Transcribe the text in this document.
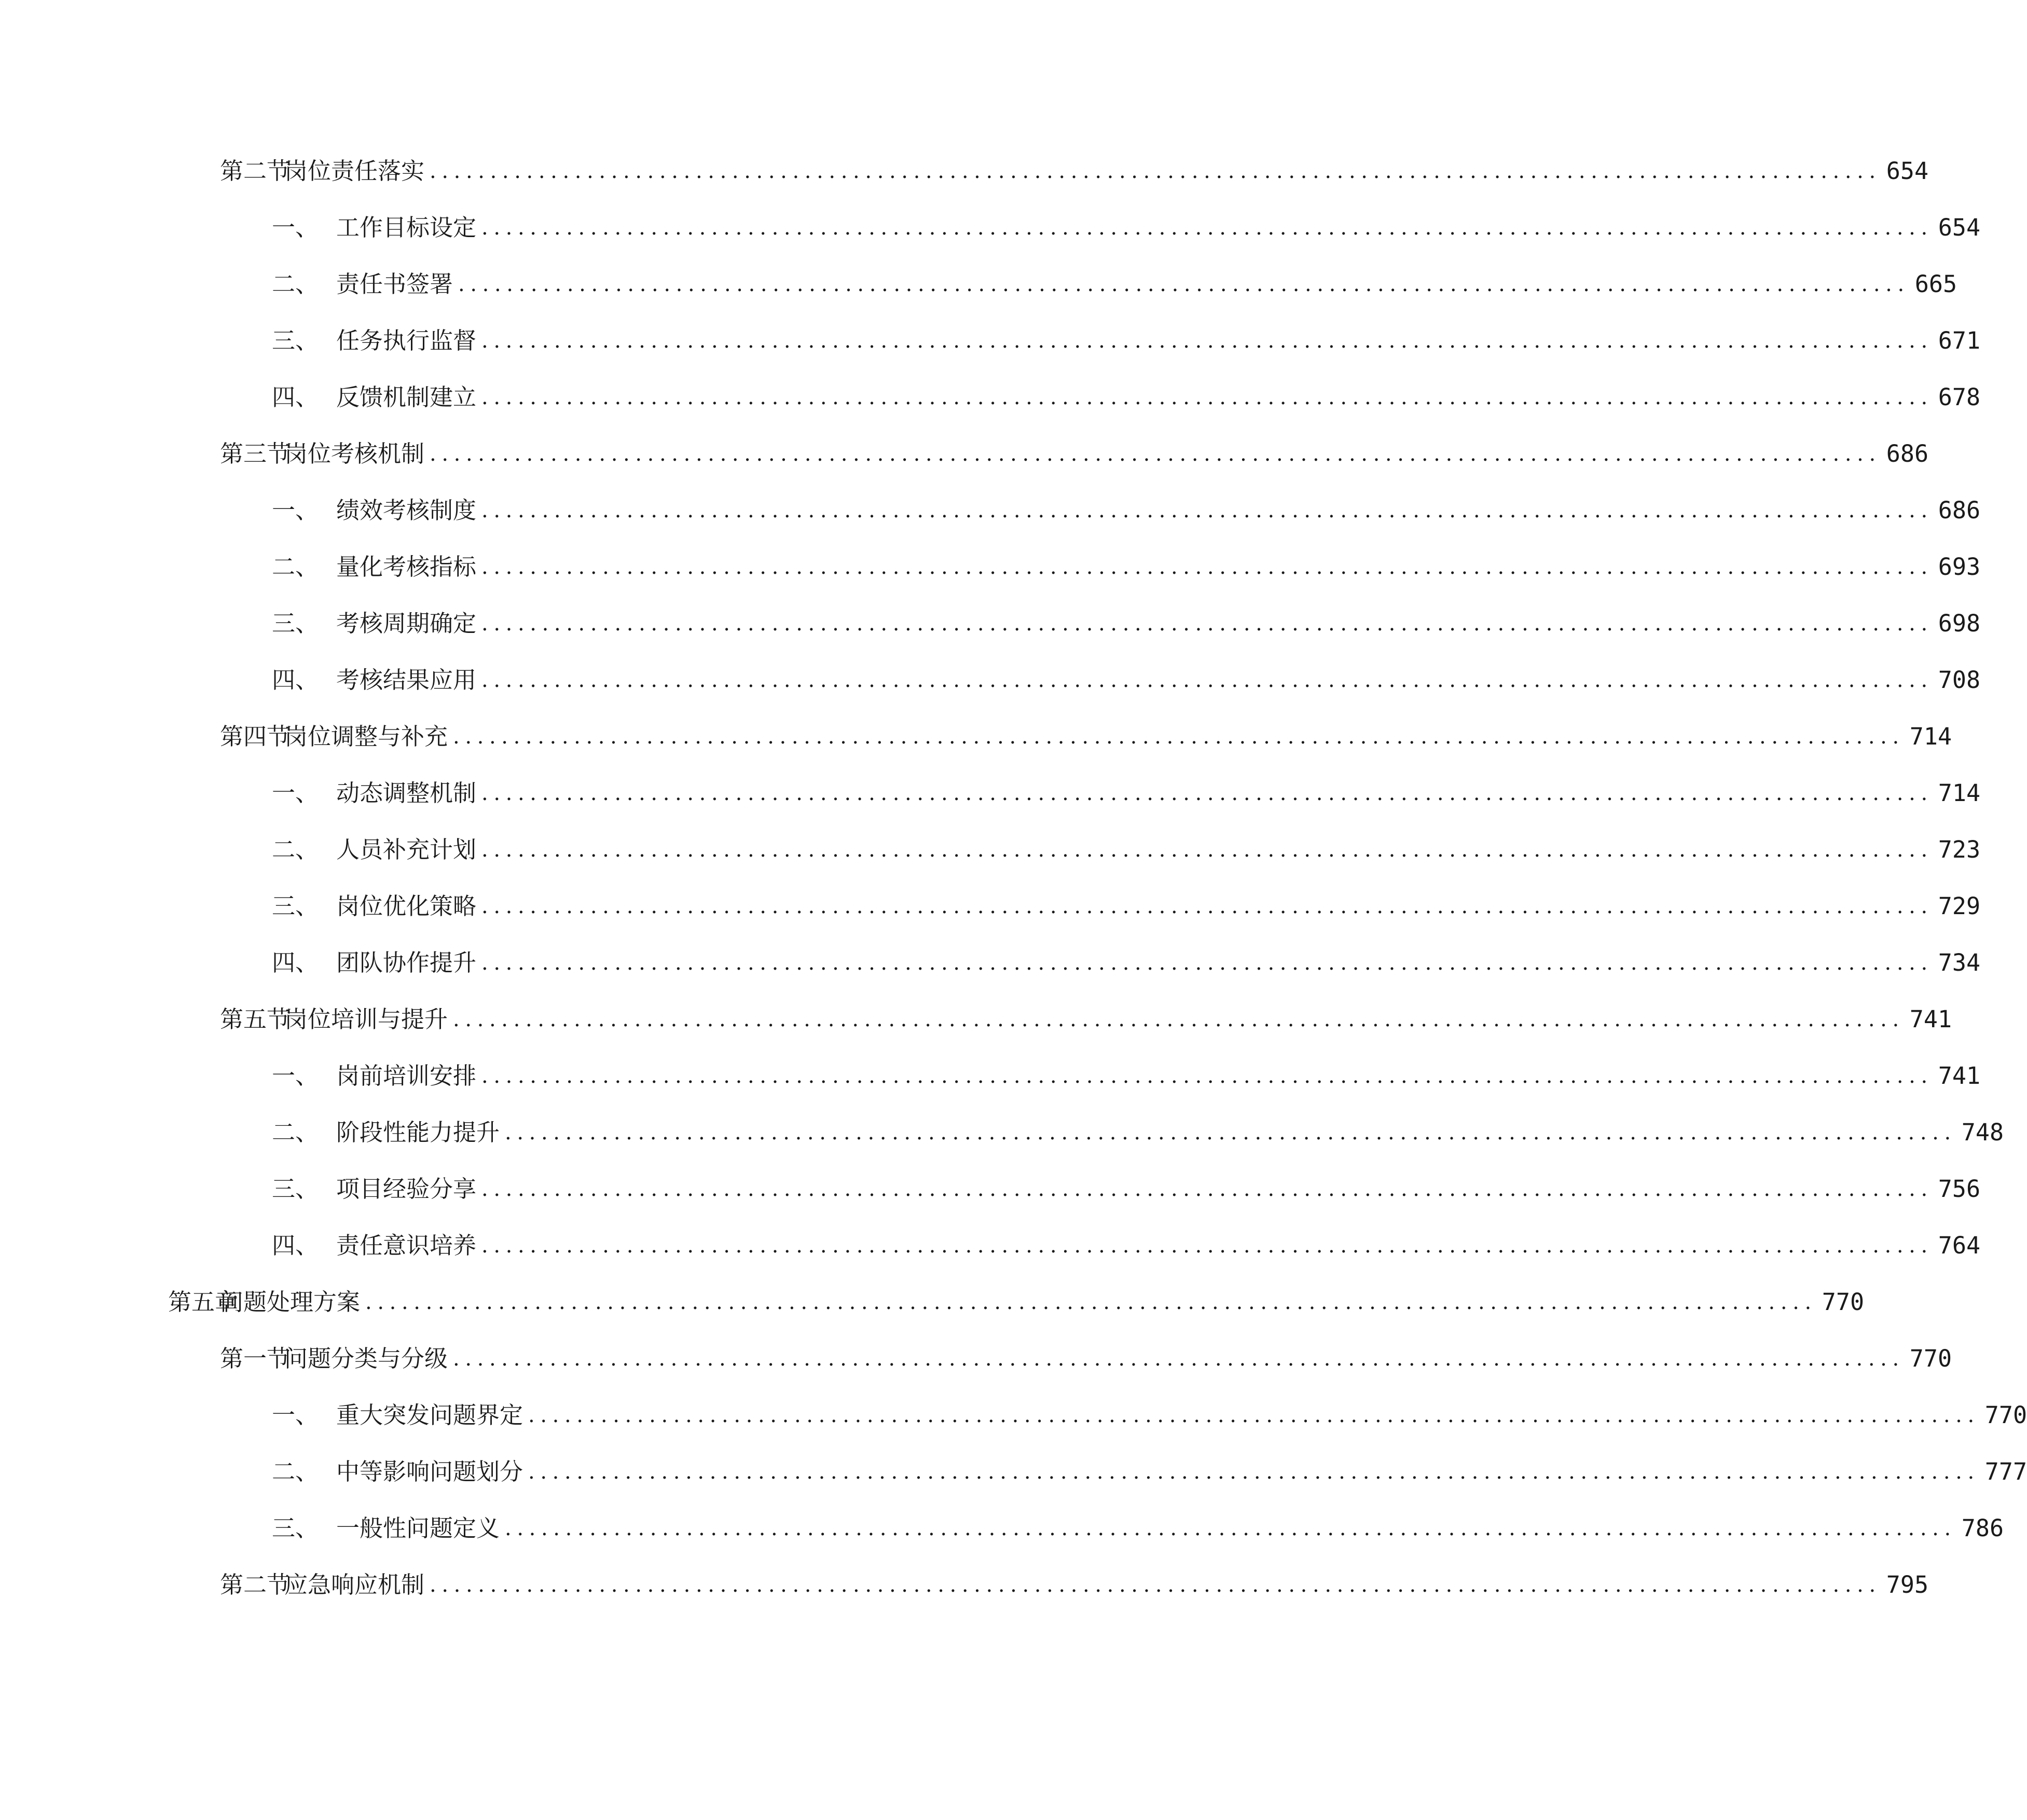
第二节岗位责任落实 ........................................................................................................................ 654
一、 工作目标设定 ........................................................................................................................ 654
二、 责任书签署 ........................................................................................................................ 665
三、 任务执行监督 ........................................................................................................................ 671
四、 反馈机制建立 ........................................................................................................................ 678
第三节岗位考核机制 ........................................................................................................................ 686
一、 绩效考核制度 ........................................................................................................................ 686
二、 量化考核指标 ........................................................................................................................ 693
三、 考核周期确定 ........................................................................................................................ 698
四、 考核结果应用 ........................................................................................................................ 708
第四节岗位调整与补充 ........................................................................................................................ 714
一、 动态调整机制 ........................................................................................................................ 714
二、 人员补充计划 ........................................................................................................................ 723
三、 岗位优化策略 ........................................................................................................................ 729
四、 团队协作提升 ........................................................................................................................ 734
第五节岗位培训与提升 ........................................................................................................................ 741
一、 岗前培训安排 ........................................................................................................................ 741
二、 阶段性能力提升 ........................................................................................................................ 748
三、 项目经验分享 ........................................................................................................................ 756
四、 责任意识培养 ........................................................................................................................ 764
第五章问题处理方案 ........................................................................................................................ 770
第一节问题分类与分级 ........................................................................................................................ 770
一、 重大突发问题界定 ........................................................................................................................ 770
二、 中等影响问题划分 ........................................................................................................................ 777
三、 一般性问题定义 ........................................................................................................................ 786
第二节应急响应机制 ........................................................................................................................ 795
